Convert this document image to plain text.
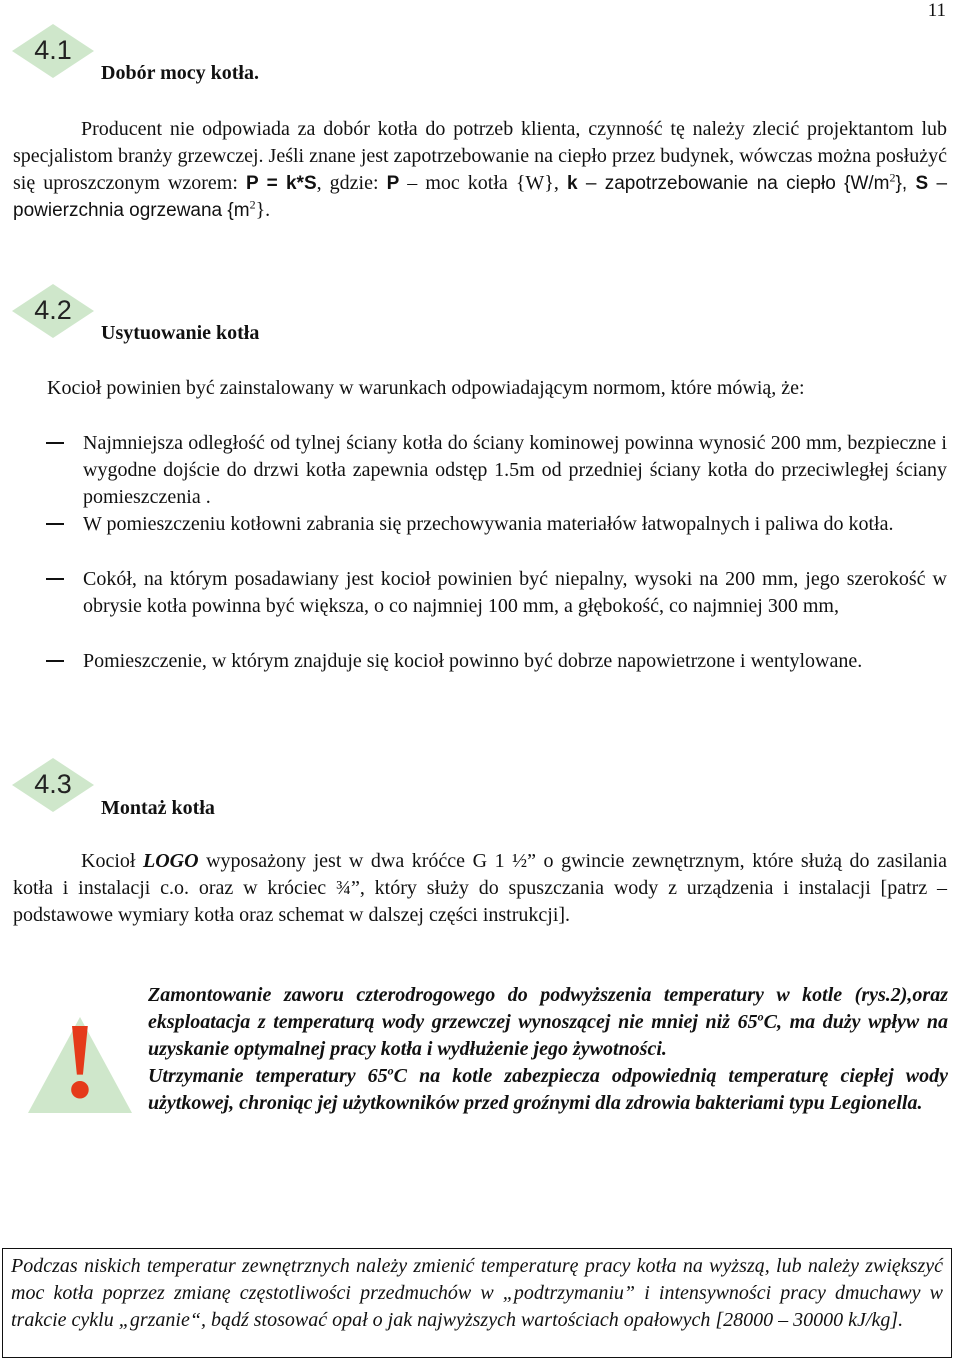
11
4.1
Dobór mocy kotła.
Producent nie odpowiada za dobór kotła do potrzeb klienta, czynność tę należy zlecić projektantom lub specjalistom branży grzewczej. Jeśli znane jest zapotrzebowanie na ciepło przez budynek, wówczas można posłużyć się uproszczonym wzorem: P = k*S, gdzie: P – moc kotła {W}, k – zapotrzebowanie na ciepło $\{W/m^2\}$, S – powierzchnia ogrzewana $\{m^2\}$.
4.2
Usytuowanie kotła
Kocioł powinien być zainstalowany w warunkach odpowiadającym normom, które mówią, że:
Najmniejsza odległość od tylnej ściany kotła do ściany kominowej powinna wynosić 200 mm, bezpieczne i wygodne dojście do drzwi kotła zapewnia odstęp 1.5m od przedniej ściany kotła do przeciwległej ściany pomieszczenia .
W pomieszczeniu kotłowni zabrania się przechowywania materiałów łatwopalnych i paliwa do kotła.
Cokół, na którym posadawiany jest kocioł powinien być niepalny, wysoki na 200 mm, jego szerokość w obrysie kotła powinna być większa, o co najmniej 100 mm, a głębokość, co najmniej 300 mm,
Pomieszczenie, w którym znajduje się kocioł powinno być dobrze napowietrzone i wentylowane.
4.3
Montaż kotła
Kocioł LOGO wyposażony jest w dwa króćce G 1 ½” o gwincie zewnętrznym, które służą do zasilania kotła i instalacji c.o. oraz w króciec ¾”, który służy do spuszczania wody z urządzenia i instalacji [patrz – podstawowe wymiary kotła oraz schemat w dalszej części instrukcji].
!
Zamontowanie zaworu czterodrogowego do podwyższenia temperatury w kotle (rys.2),oraz eksploatacja z temperaturą wody grzewczej wynoszącej nie mniej niż 65$^o$C, ma duży wpływ na uzyskanie optymalnej pracy kotła i wydłużenie jego żywotności.
Utrzymanie temperatury 65$^o$C na kotle zabezpiecza odpowiednią temperaturę ciepłej wody użytkowej, chroniąc jej użytkowników przed groźnymi dla zdrowia bakteriami typu Legionella.
Podczas niskich temperatur zewnętrznych należy zmienić temperaturę pracy kotła na wyższą, lub należy zwiększyć moc kotła poprzez zmianę częstotliwości przedmuchów w „podtrzymaniu” i intensywności pracy dmuchawy w trakcie cyklu „grzanie“, bądź stosować opał o jak najwyższych wartościach opałowych [28000 – 30000 kJ/kg].
